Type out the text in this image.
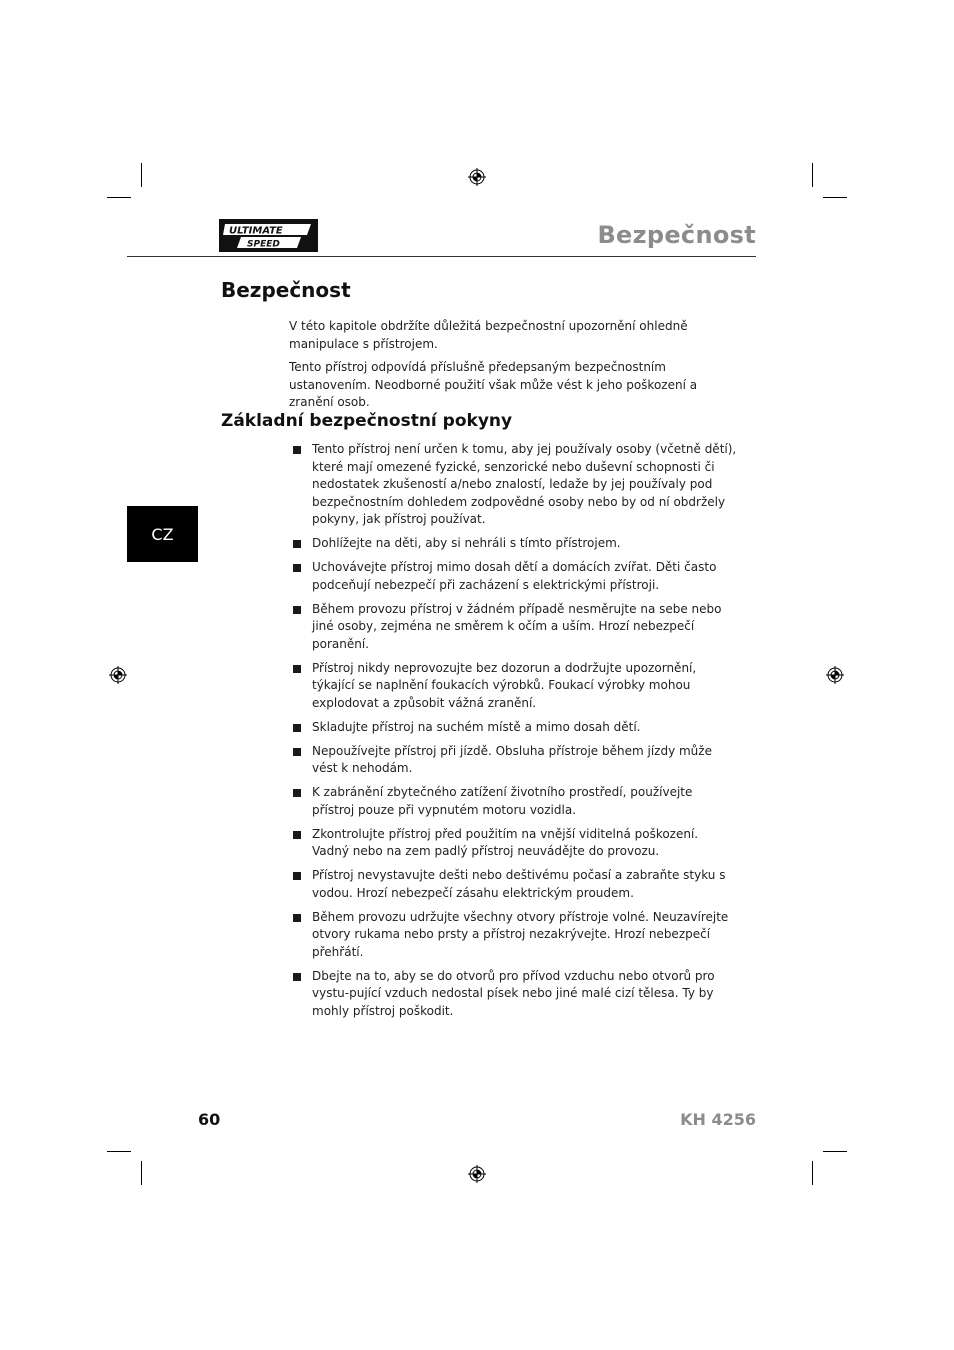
ULTIMATE
SPEED	Bezpečnost
CZ
Bezpečnost

V této kapitole obdržíte důležitá bezpečnostní upozornění ohledně manipulace s přístrojem.

Tento přístroj odpovídá příslušně předepsaným bezpečnostním ustanovením. Neodborné použití však může vést k jeho poškození a zranění osob.

Základní bezpečnostní pokyny
Tento přístroj není určen k tomu, aby jej používaly osoby (včetně dětí), které mají omezené fyzické, senzorické nebo duševní schopnosti či nedostatek zkušeností a/nebo znalostí, ledaže by jej používaly pod bezpečnostním dohledem zodpovědné osoby nebo by od ní obdržely pokyny, jak přístroj používat.
Dohlížejte na děti, aby si nehráli s tímto přístrojem.
Uchovávejte přístroj mimo dosah dětí a domácích zvířat. Děti často podceňují nebezpečí při zacházení s elektrickými přístroji.
Během provozu přístroj v žádném případě nesměrujte na sebe nebo jiné osoby, zejména ne směrem k očím a uším. Hrozí nebezpečí poranění.
Přístroj nikdy neprovozujte bez dozorun a dodržujte upozornění, týkající se naplnění foukacích výrobků. Foukací výrobky mohou explodovat a způsobit vážná zranění.
Skladujte přístroj na suchém místě a mimo dosah dětí.
Nepoužívejte přístroj při jízdě. Obsluha přístroje během jízdy může vést k nehodám.
K zabránění zbytečného zatížení životního prostředí, používejte přístroj pouze při vypnutém motoru vozidla.
Zkontrolujte přístroj před použitím na vnější viditelná poškození. Vadný nebo na zem padlý přístroj neuvádějte do provozu.
Přístroj nevystavujte dešti nebo deštivému počasí a zabraňte styku s vodou. Hrozí nebezpečí zásahu elektrickým proudem.
Během provozu udržujte všechny otvory přístroje volné. Neuzavírejte otvory rukama nebo prsty a přístroj nezakrývejte. Hrozí nebezpečí přehřátí.
Dbejte na to, aby se do otvorů pro přívod vzduchu nebo otvorů pro vystu-pující vzduch nedostal písek nebo jiné malé cizí tělesa. Ty by mohly přístroj poškodit.
60	KH 4256
